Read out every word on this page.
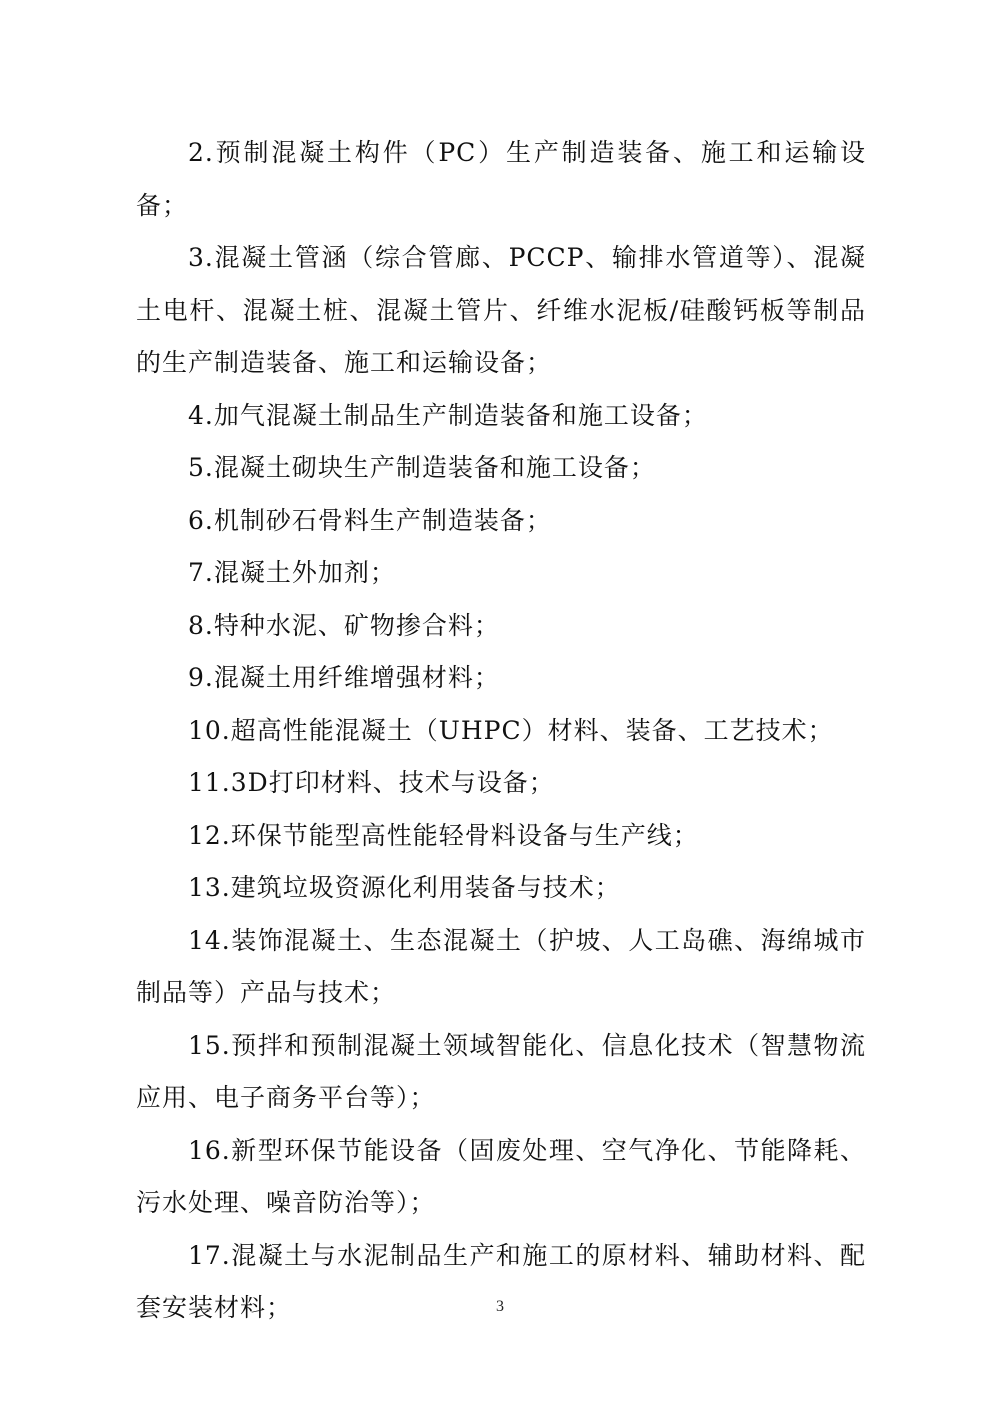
2.预制混凝土构件（PC）生产制造装备、施工和运输设备；

3.混凝土管涵（综合管廊、PCCP、输排水管道等）、混凝土电杆、混凝土桩、混凝土管片、纤维水泥板/硅酸钙板等制品的生产制造装备、施工和运输设备；

4.加气混凝土制品生产制造装备和施工设备；

5.混凝土砌块生产制造装备和施工设备；

6.机制砂石骨料生产制造装备；

7.混凝土外加剂；

8.特种水泥、矿物掺合料；

9.混凝土用纤维增强材料；

10.超高性能混凝土（UHPC）材料、装备、工艺技术；

11.3D打印材料、技术与设备；

12.环保节能型高性能轻骨料设备与生产线；

13.建筑垃圾资源化利用装备与技术；

14.装饰混凝土、生态混凝土（护坡、人工岛礁、海绵城市制品等）产品与技术；

15.预拌和预制混凝土领域智能化、信息化技术（智慧物流应用、电子商务平台等）；

16.新型环保节能设备（固废处理、空气净化、节能降耗、污水处理、噪音防治等）；

17.混凝土与水泥制品生产和施工的原材料、辅助材料、配套安装材料；	3
